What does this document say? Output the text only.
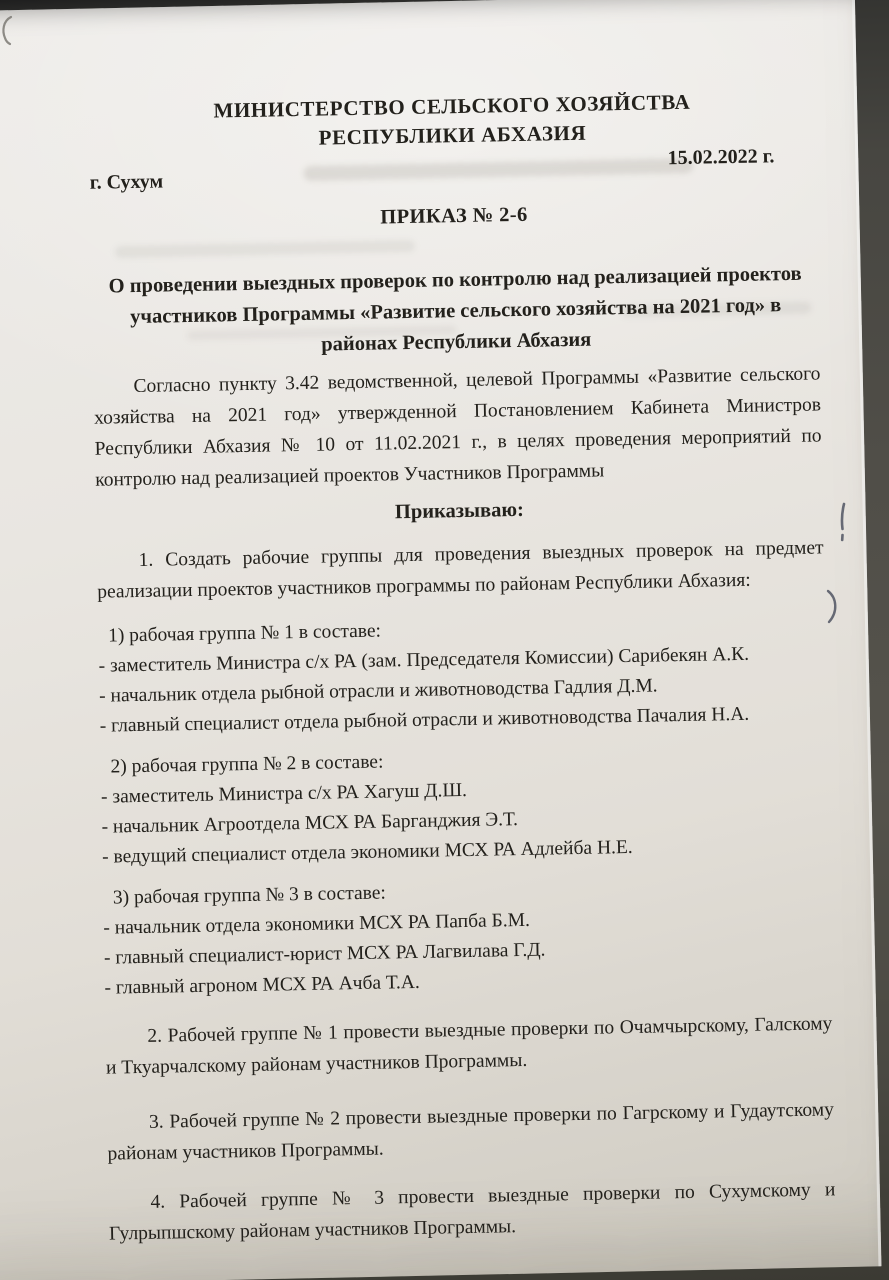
МИНИСТЕРСТВО СЕЛЬСКОГО ХОЗЯЙСТВА
РЕСПУБЛИКИ АБХАЗИЯ
15.02.2022 г.
г. Сухум
ПРИКАЗ № 2-6
О проведении выездных проверок по контролю над реализацией проектов участников Программы «Развитие сельского хозяйства на 2021 год» в районах Республики Абхазия

Согласно пункту 3.42 ведомственной, целевой Программы «Развитие сельского хозяйства на 2021 год» утвержденной Постановлением Кабинета Министров Республики Абхазия № 10 от 11.02.2021 г., в целях проведения мероприятий по контролю над реализацией проектов Участников Программы

Приказываю:

1. Создать рабочие группы для проведения выездных проверок на предмет реализации проектов участников программы по районам Республики Абхазия:

1) рабочая группа № 1 в составе:
- заместитель Министра с/х РА (зам. Председателя Комиссии) Сарибекян А.К.
- начальник отдела рыбной отрасли и животноводства Гадлия Д.М.
- главный специалист отдела рыбной отрасли и животноводства Пачалия Н.А.
2) рабочая группа № 2 в составе:
- заместитель Министра с/х РА Хагуш Д.Ш.
- начальник Агроотдела МСХ РА Барганджия Э.Т.
- ведущий специалист отдела экономики МСХ РА Адлейба Н.Е.
3) рабочая группа № 3 в составе:
- начальник отдела экономики МСХ РА Папба Б.М.
- главный специалист-юрист МСХ РА Лагвилава Г.Д.
- главный агроном МСХ РА Ачба Т.А.

2. Рабочей группе № 1 провести выездные проверки по Очамчырскому, Галскому и Ткуарчалскому районам участников Программы.

3. Рабочей группе № 2 провести выездные проверки по Гагрскому и Гудаутскому районам участников Программы.

4. Рабочей группе № 3 провести выездные проверки по Сухумскому и Гулрыпшскому районам участников Программы.
